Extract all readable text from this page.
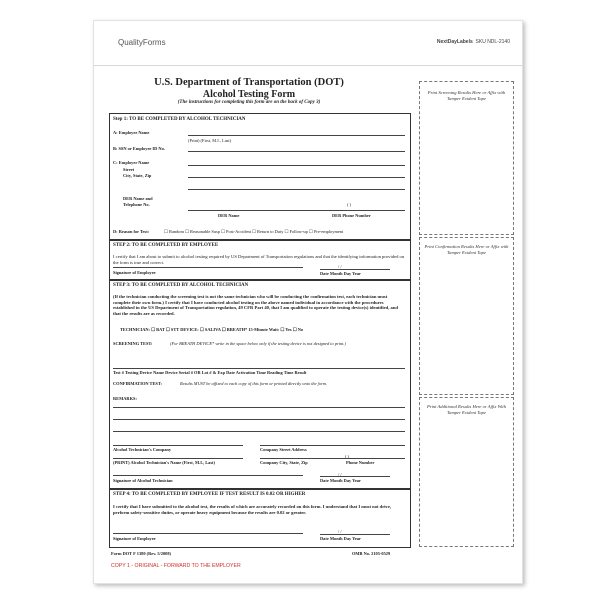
QualityForms	NextDayLabels SKU NDL-2140
U.S. Department of Transportation (DOT)
Alcohol Testing Form
(The instructions for completing this form are on the back of Copy 3)
Step 1: TO BE COMPLETED BY ALCOHOL TECHNICIAN
A: Employee Name
(Print) (First, M.I., Last)
B: SSN or Employee ID No.
C: Employer Name
Street
City, State, Zip
DER Name and
Telephone No.	( )
DER Name	DER Phone Number
D: Reason for Test:	☐ Random ☐ Reasonable Susp ☐ Post-Accident ☐ Return to Duty ☐ Follow-up ☐ Pre-employment
STEP 2: TO BE COMPLETED BY EMPLOYEE
I certify that I am about to submit to alcohol testing required by US Department of Transportation regulations and that the identifying information provided on the form is true and correct.
/ /
Signature of Employee	Date Month Day Year
STEP 3: TO BE COMPLETED BY ALCOHOL TECHNICIAN
(If the technician conducting the screening test is not the same technician who will be conducting the confirmation test, each technician must complete their own form.) I certify that I have conducted alcohol testing on the above named individual in accordance with the procedures established in the US Department of Transportation regulation, 49 CFR Part 40, that I am qualified to operate the testing device(s) identified, and that the results are as recorded.
TECHNICIAN: ☐ BAT ☐ STT DEVICE: ☐ SALIVA ☐ BREATH* 15-Minute Wait: ☐ Yes ☐ No
SCREENING TEST:	(For BREATH DEVICE* write in the space below only if the testing device is not designed to print.)
Test # Testing Device Name Device Serial # OR Lot # & Exp Date Activation Time Reading Time Result
CONFIRMATION TEST:	Results MUST be affixed to each copy of this form or printed directly onto the form.
REMARKS:
Alcohol Technician's Company	Company Street Address
( )
(PRINT) Alcohol Technician's Name (First, M.I., Last)	Company City, State, Zip	Phone Number
/ /
Signature of Alcohol Technician	Date Month Day Year
STEP 4: TO BE COMPLETED BY EMPLOYEE IF TEST RESULT IS 0.02 OR HIGHER
I certify that I have submitted to the alcohol test, the results of which are accurately recorded on this form. I understand that I must not drive, perform safety-sensitive duties, or operate heavy equipment because the results are 0.02 or greater.
/ /
Signature of Employee	Date Month Day Year
Form DOT F 1380 (Rev. 5/2008)	OMB No. 2105-0529
COPY 1 - ORIGINAL - FORWARD TO THE EMPLOYER
Print Screening Results Here or Affix with Tamper Evident Tape
Print Confirmation Results Here or Affix with Tamper Evident Tape
Print Additional Results Here or Affix With Tamper Evident Tape
